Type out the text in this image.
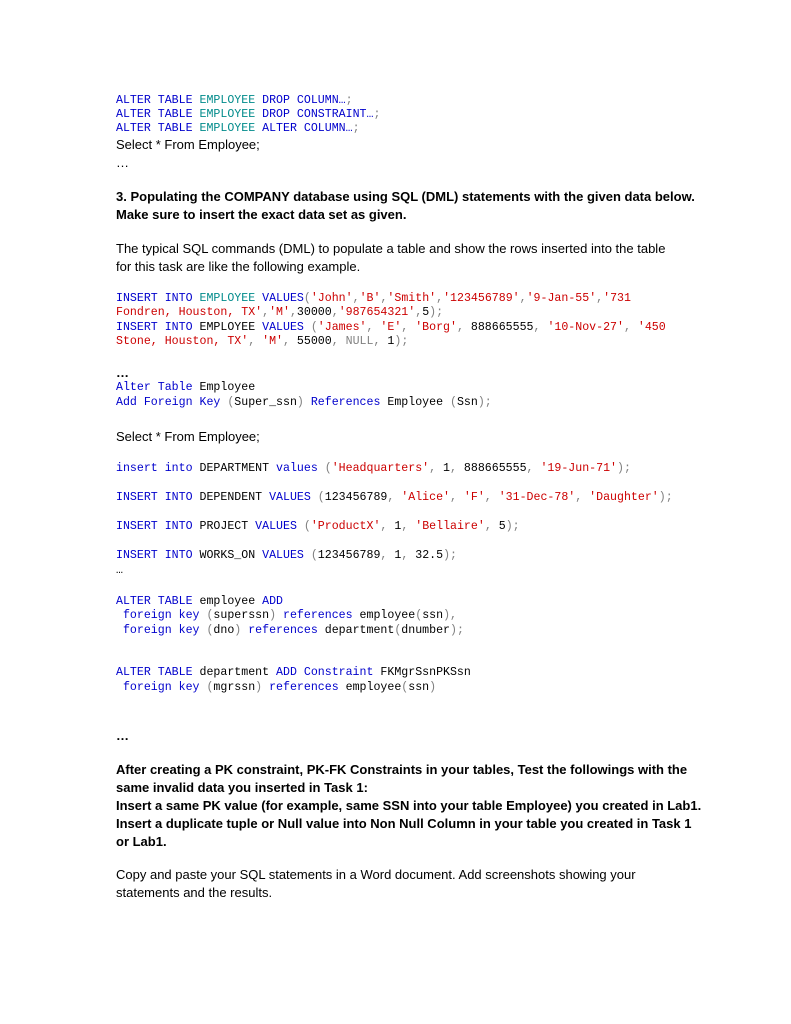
ALTER TABLE EMPLOYEE DROP COLUMN…;
ALTER TABLE EMPLOYEE DROP CONSTRAINT…;
ALTER TABLE EMPLOYEE ALTER COLUMN…;
Select * From Employee;
…
3. Populating the COMPANY database using SQL (DML) statements with the given data below.
Make sure to insert the exact data set as given.
The typical SQL commands (DML) to populate a table and show the rows inserted into the table
for this task are like the following example.
INSERT INTO EMPLOYEE VALUES('John','B','Smith','123456789','9-Jan-55','731
Fondren, Houston, TX','M',30000,'987654321',5);
INSERT INTO EMPLOYEE VALUES ('James', 'E', 'Borg', 888665555, '10-Nov-27', '450
Stone, Houston, TX', 'M', 55000, NULL, 1);
…
Alter Table Employee
Add Foreign Key (Super_ssn) References Employee (Ssn);
Select * From Employee;
insert into DEPARTMENT values ('Headquarters', 1, 888665555, '19-Jun-71');
INSERT INTO DEPENDENT VALUES (123456789, 'Alice', 'F', '31-Dec-78', 'Daughter');
INSERT INTO PROJECT VALUES ('ProductX', 1, 'Bellaire', 5);
INSERT INTO WORKS_ON VALUES (123456789, 1, 32.5);
…
ALTER TABLE employee ADD
foreign key (superssn) references employee(ssn),
foreign key (dno) references department(dnumber);
ALTER TABLE department ADD Constraint FKMgrSsnPKSsn
foreign key (mgrssn) references employee(ssn)
…
After creating a PK constraint, PK-FK Constraints in your tables, Test the followings with the
same invalid data you inserted in Task 1:
Insert a same PK value (for example, same SSN into your table Employee) you created in Lab1.
Insert a duplicate tuple or Null value into Non Null Column in your table you created in Task 1
or Lab1.
Copy and paste your SQL statements in a Word document. Add screenshots showing your
statements and the results.
